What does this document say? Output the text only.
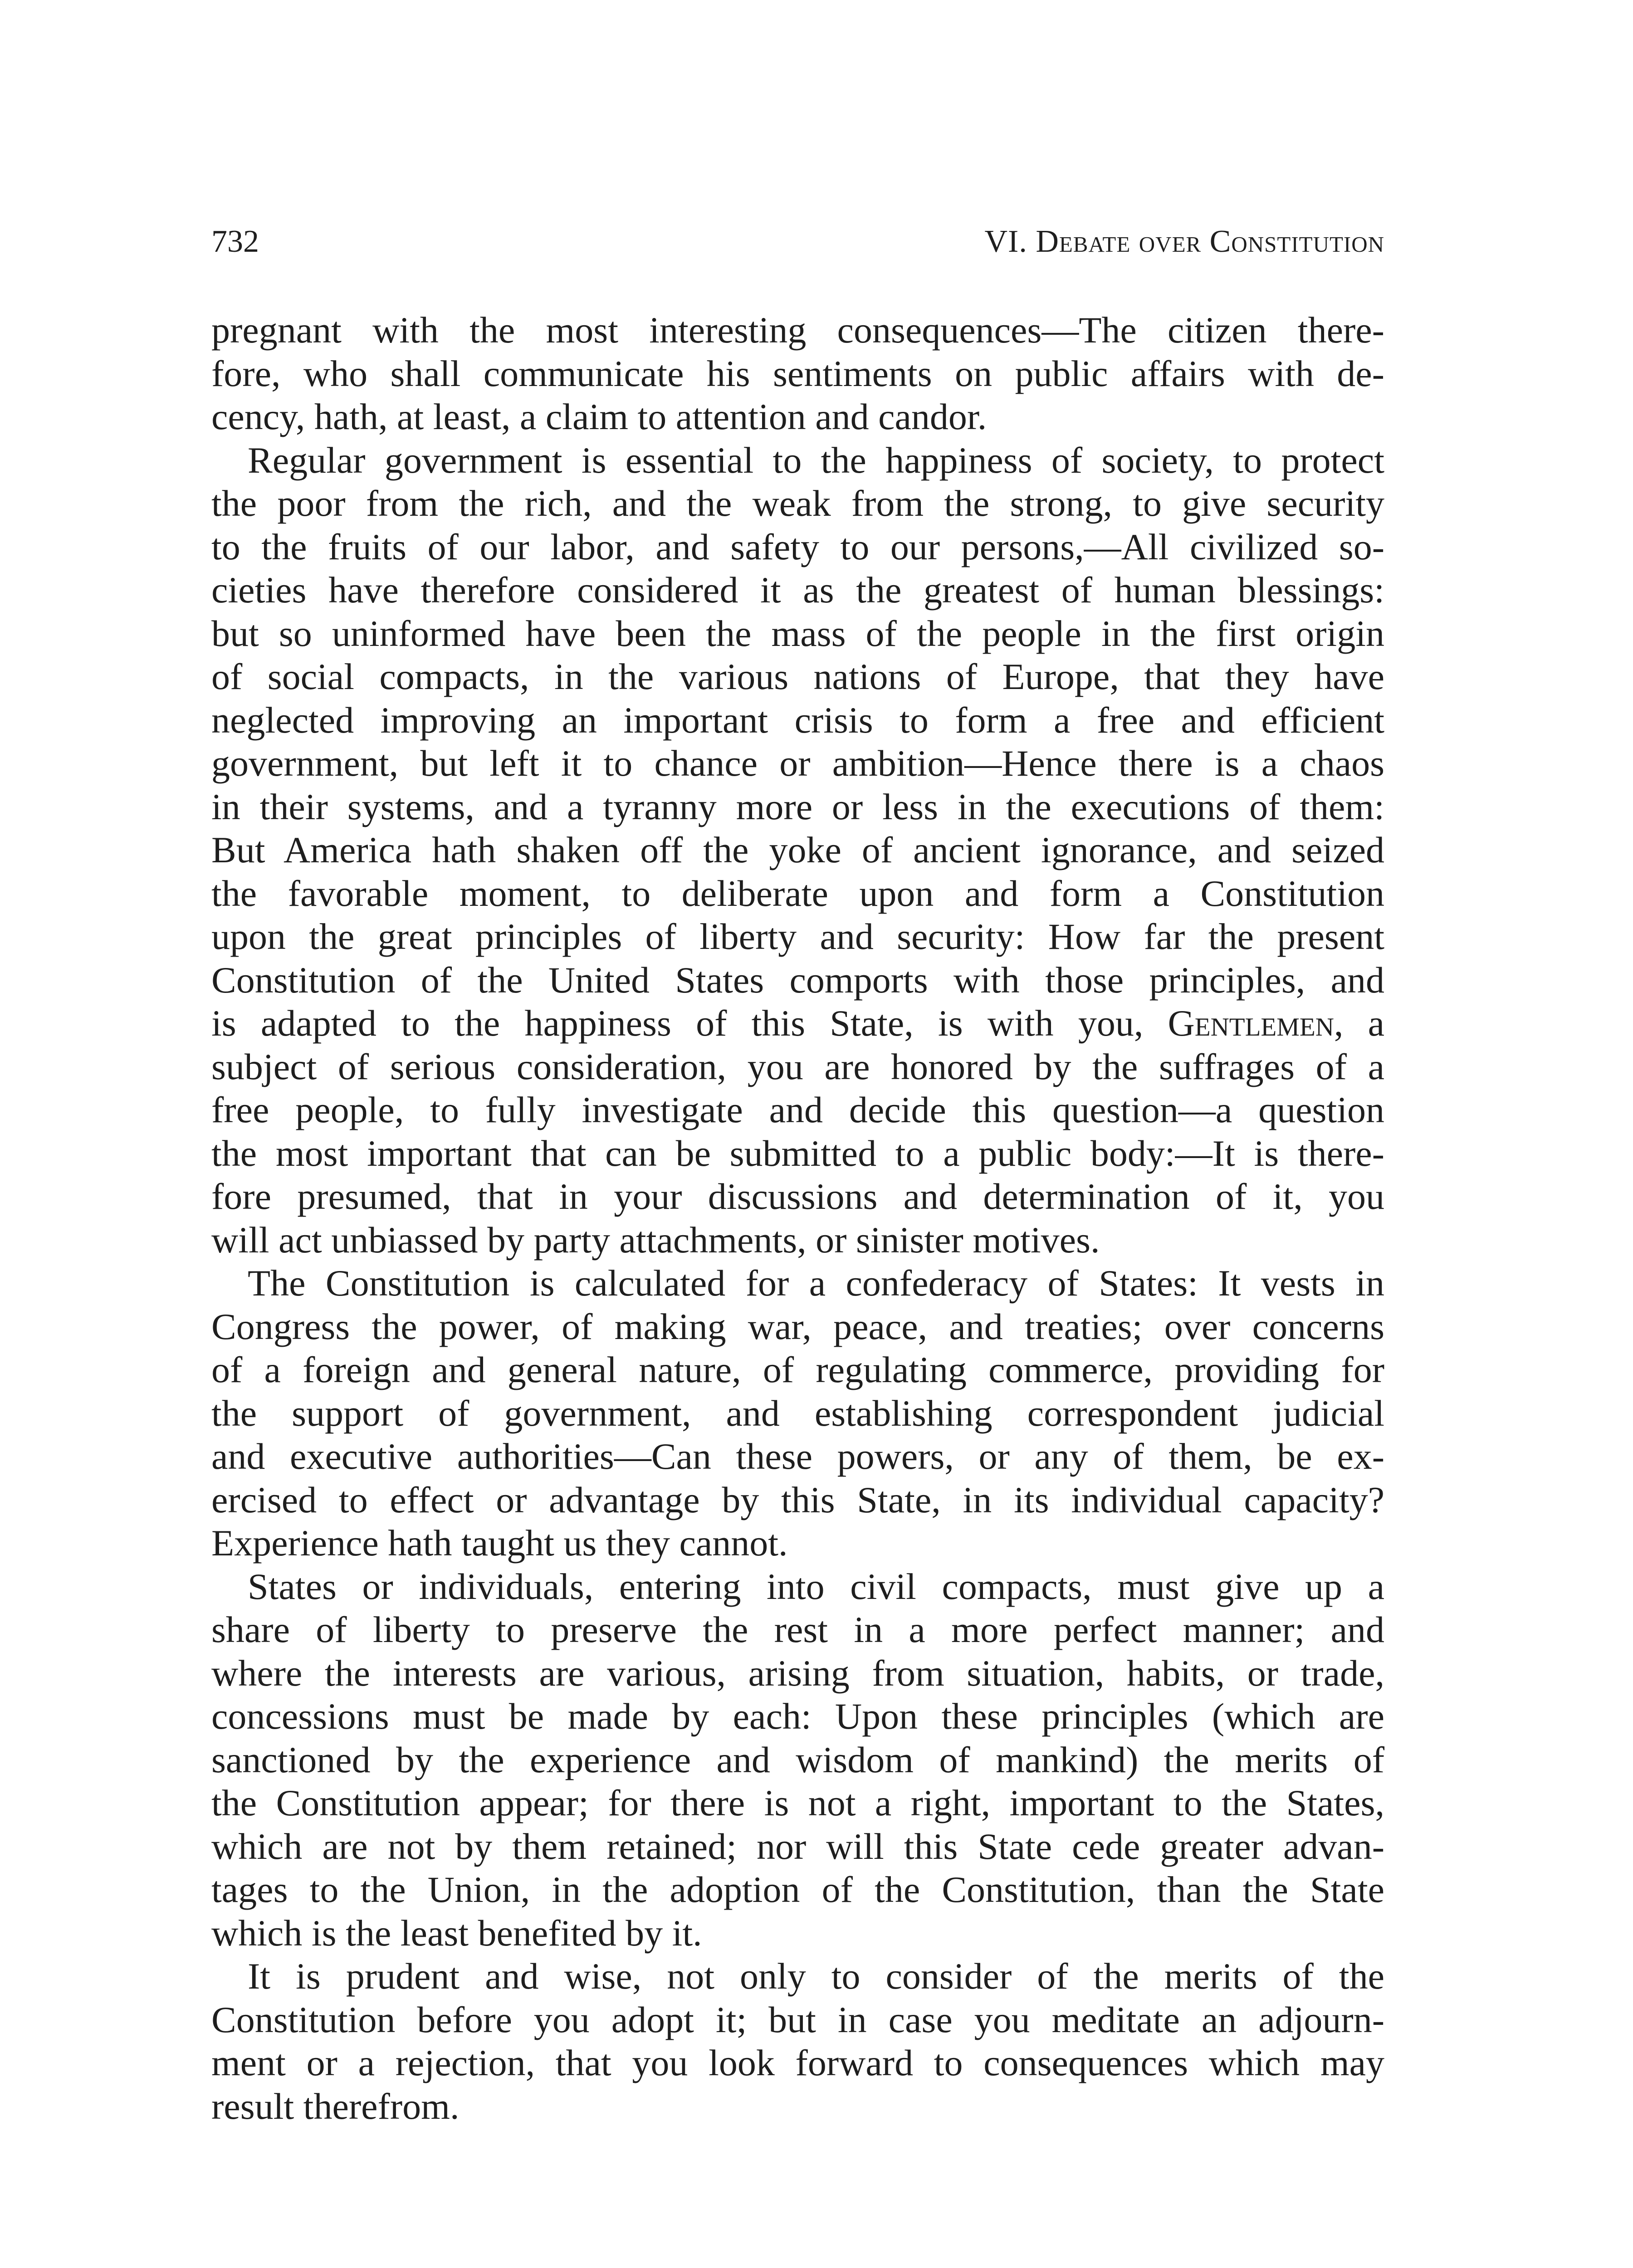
732	VI. Debate over Constitution
pregnant with the most interesting consequences—The citizen there-
fore, who shall communicate his sentiments on public affairs with de-
cency, hath, at least, a claim to attention and candor.
Regular government is essential to the happiness of society, to protect
the poor from the rich, and the weak from the strong, to give security
to the fruits of our labor, and safety to our persons,—All civilized so-
cieties have therefore considered it as the greatest of human blessings:
but so uninformed have been the mass of the people in the first origin
of social compacts, in the various nations of Europe, that they have
neglected improving an important crisis to form a free and efficient
government, but left it to chance or ambition—Hence there is a chaos
in their systems, and a tyranny more or less in the executions of them:
But America hath shaken off the yoke of ancient ignorance, and seized
the favorable moment, to deliberate upon and form a Constitution
upon the great principles of liberty and security: How far the present
Constitution of the United States comports with those principles, and
is adapted to the happiness of this State, is with you, Gentlemen, a
subject of serious consideration, you are honored by the suffrages of a
free people, to fully investigate and decide this question—a question
the most important that can be submitted to a public body:—It is there-
fore presumed, that in your discussions and determination of it, you
will act unbiassed by party attachments, or sinister motives.
The Constitution is calculated for a confederacy of States: It vests in
Congress the power, of making war, peace, and treaties; over concerns
of a foreign and general nature, of regulating commerce, providing for
the support of government, and establishing correspondent judicial
and executive authorities—Can these powers, or any of them, be ex-
ercised to effect or advantage by this State, in its individual capacity?
Experience hath taught us they cannot.
States or individuals, entering into civil compacts, must give up a
share of liberty to preserve the rest in a more perfect manner; and
where the interests are various, arising from situation, habits, or trade,
concessions must be made by each: Upon these principles (which are
sanctioned by the experience and wisdom of mankind) the merits of
the Constitution appear; for there is not a right, important to the States,
which are not by them retained; nor will this State cede greater advan-
tages to the Union, in the adoption of the Constitution, than the State
which is the least benefited by it.
It is prudent and wise, not only to consider of the merits of the
Constitution before you adopt it; but in case you meditate an adjourn-
ment or a rejection, that you look forward to consequences which may
result therefrom.
